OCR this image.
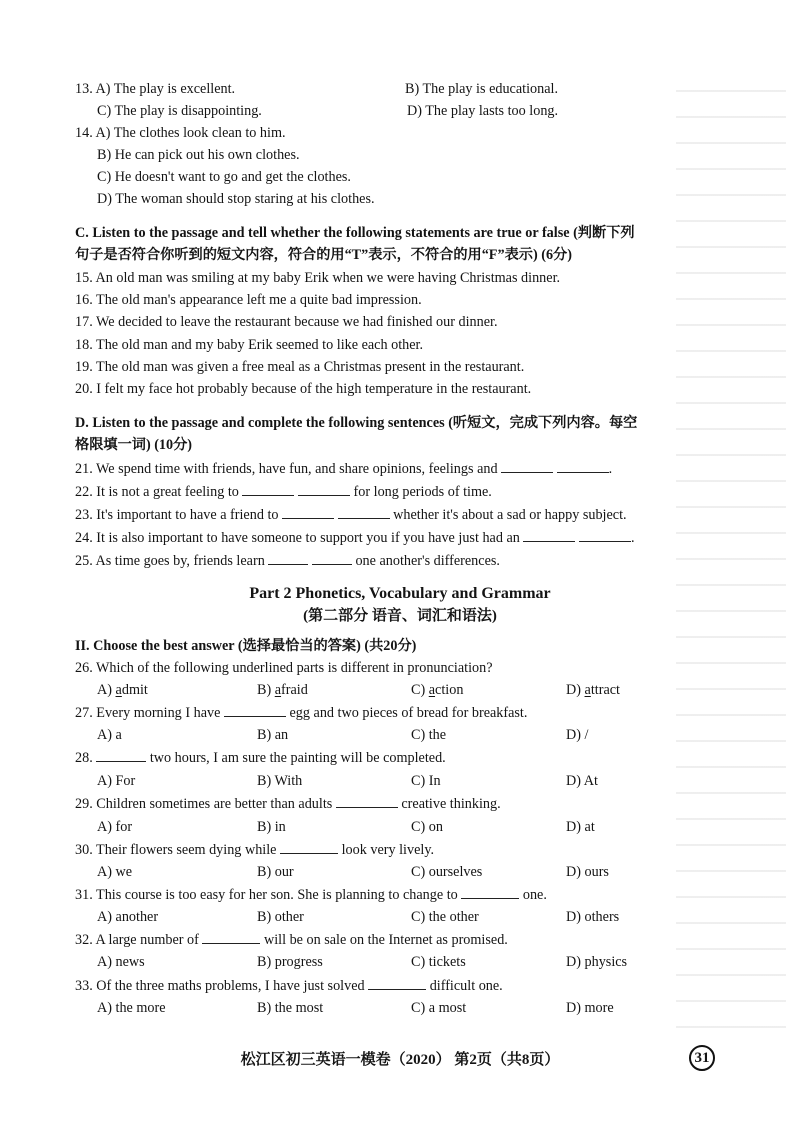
13. A) The play is excellent.	B) The play is educational.
C) The play is disappointing.	D) The play lasts too long.
14. A) The clothes look clean to him.
B) He can pick out his own clothes.
C) He doesn't want to go and get the clothes.
D) The woman should stop staring at his clothes.
C. Listen to the passage and tell whether the following statements are true or false (判断下列
句子是否符合你听到的短文内容，符合的用“T”表示，不符合的用“F”表示) (6分)
15. An old man was smiling at my baby Erik when we were having Christmas dinner.
16. The old man's appearance left me a quite bad impression.
17. We decided to leave the restaurant because we had finished our dinner.
18. The old man and my baby Erik seemed to like each other.
19. The old man was given a free meal as a Christmas present in the restaurant.
20. I felt my face hot probably because of the high temperature in the restaurant.
D. Listen to the passage and complete the following sentences (听短文，完成下列内容。每空
格限填一词) (10分)
21. We spend time with friends, have fun, and share opinions, feelings and	.
22. It is not a great feeling to	for long periods of time.
23. It's important to have a friend to	whether it's about a sad or happy subject.
24. It is also important to have someone to support you if you have just had an	.
25. As time goes by, friends learn	one another's differences.
Part 2 Phonetics, Vocabulary and Grammar
(第二部分 语音、词汇和语法)
II. Choose the best answer (选择最恰当的答案) (共20分)
26. Which of the following underlined parts is different in pronunciation?
A) admit	B) afraid	C) action	D) attract
27. Every morning I have	egg and two pieces of bread for breakfast.
A) a	B) an	C) the	D) /
28.	two hours, I am sure the painting will be completed.
A) For	B) With	C) In	D) At
29. Children sometimes are better than adults	creative thinking.
A) for	B) in	C) on	D) at
30. Their flowers seem dying while	look very lively.
A) we	B) our	C) ourselves	D) ours
31. This course is too easy for her son. She is planning to change to	one.
A) another	B) other	C) the other	D) others
32. A large number of	will be on sale on the Internet as promised.
A) news	B) progress	C) tickets	D) physics
33. Of the three maths problems, I have just solved	difficult one.
A) the more	B) the most	C) a most	D) more
松江区初三英语一模卷（2020） 第2页（共8页）	31
